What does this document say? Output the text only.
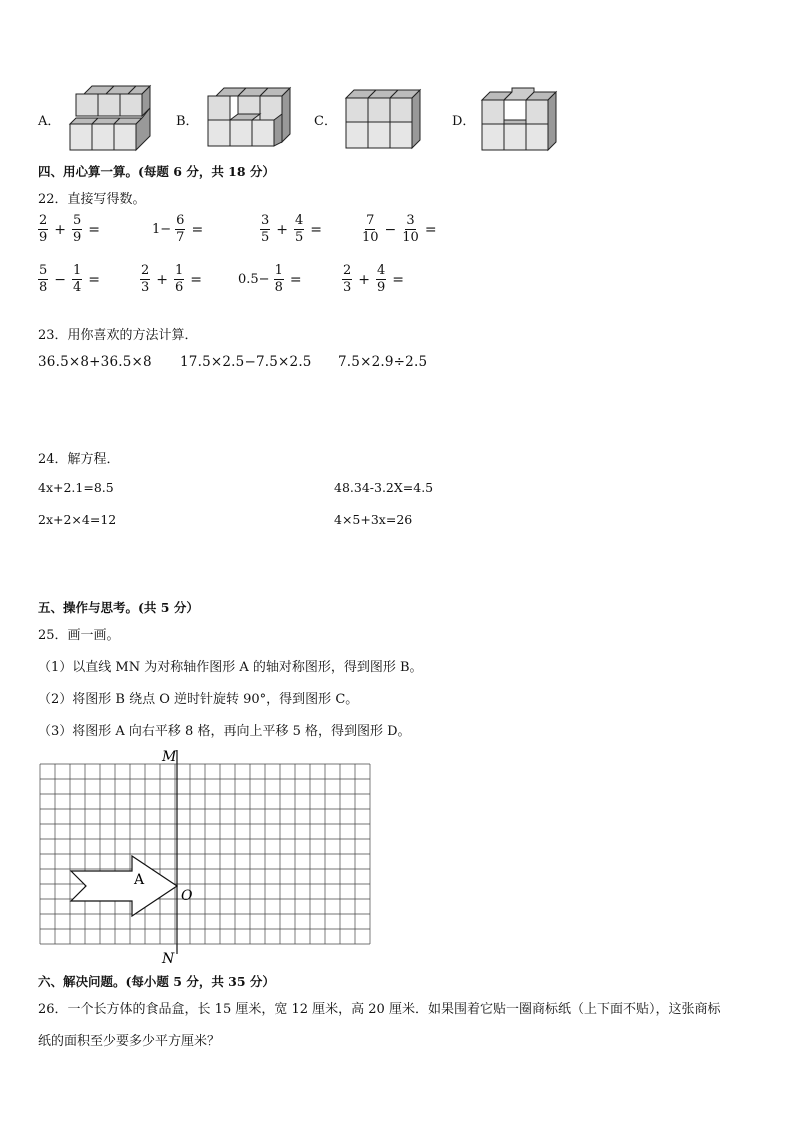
A．	B．	C．	D．
四、用心算一算。(每题 6 分，共 18 分）
22．直接写得数。
$\frac{2}{9} + \frac{5}{9}$ =	$1- \frac{6}{7}$ =	$\frac{3}{5} + \frac{4}{5}$ =	$\frac{7}{10} - \frac{3}{10}$ =
$\frac{5}{8} - \frac{1}{4}$ =	$\frac{2}{3} + \frac{1}{6}$ =	$0.5- \frac{1}{8}$ =	$\frac{2}{3} + \frac{4}{9}$ =
23．用你喜欢的方法计算．
36.5×8+36.5×8 17.5×2.5−7.5×2.5 7.5×2.9÷2.5
24．解方程．
4x+2.1=8.5	48.34-3.2X=4.5
2x+2×4=12	4×5+3x=26
五、操作与思考。(共 5 分）
25．画一画。
（1）以直线 MN 为对称轴作图形 A 的轴对称图形，得到图形 B。
（2）将图形 B 绕点 O 逆时针旋转 90°，得到图形 C。
（3）将图形 A 向右平移 8 格，再向上平移 5 格，得到图形 D。
M
N
O
A
六、解决问题。(每小题 5 分，共 35 分）
26．一个长方体的食品盒，长 15 厘米，宽 12 厘米，高 20 厘米．如果围着它贴一圈商标纸（上下面不贴），这张商标
纸的面积至少要多少平方厘米？
